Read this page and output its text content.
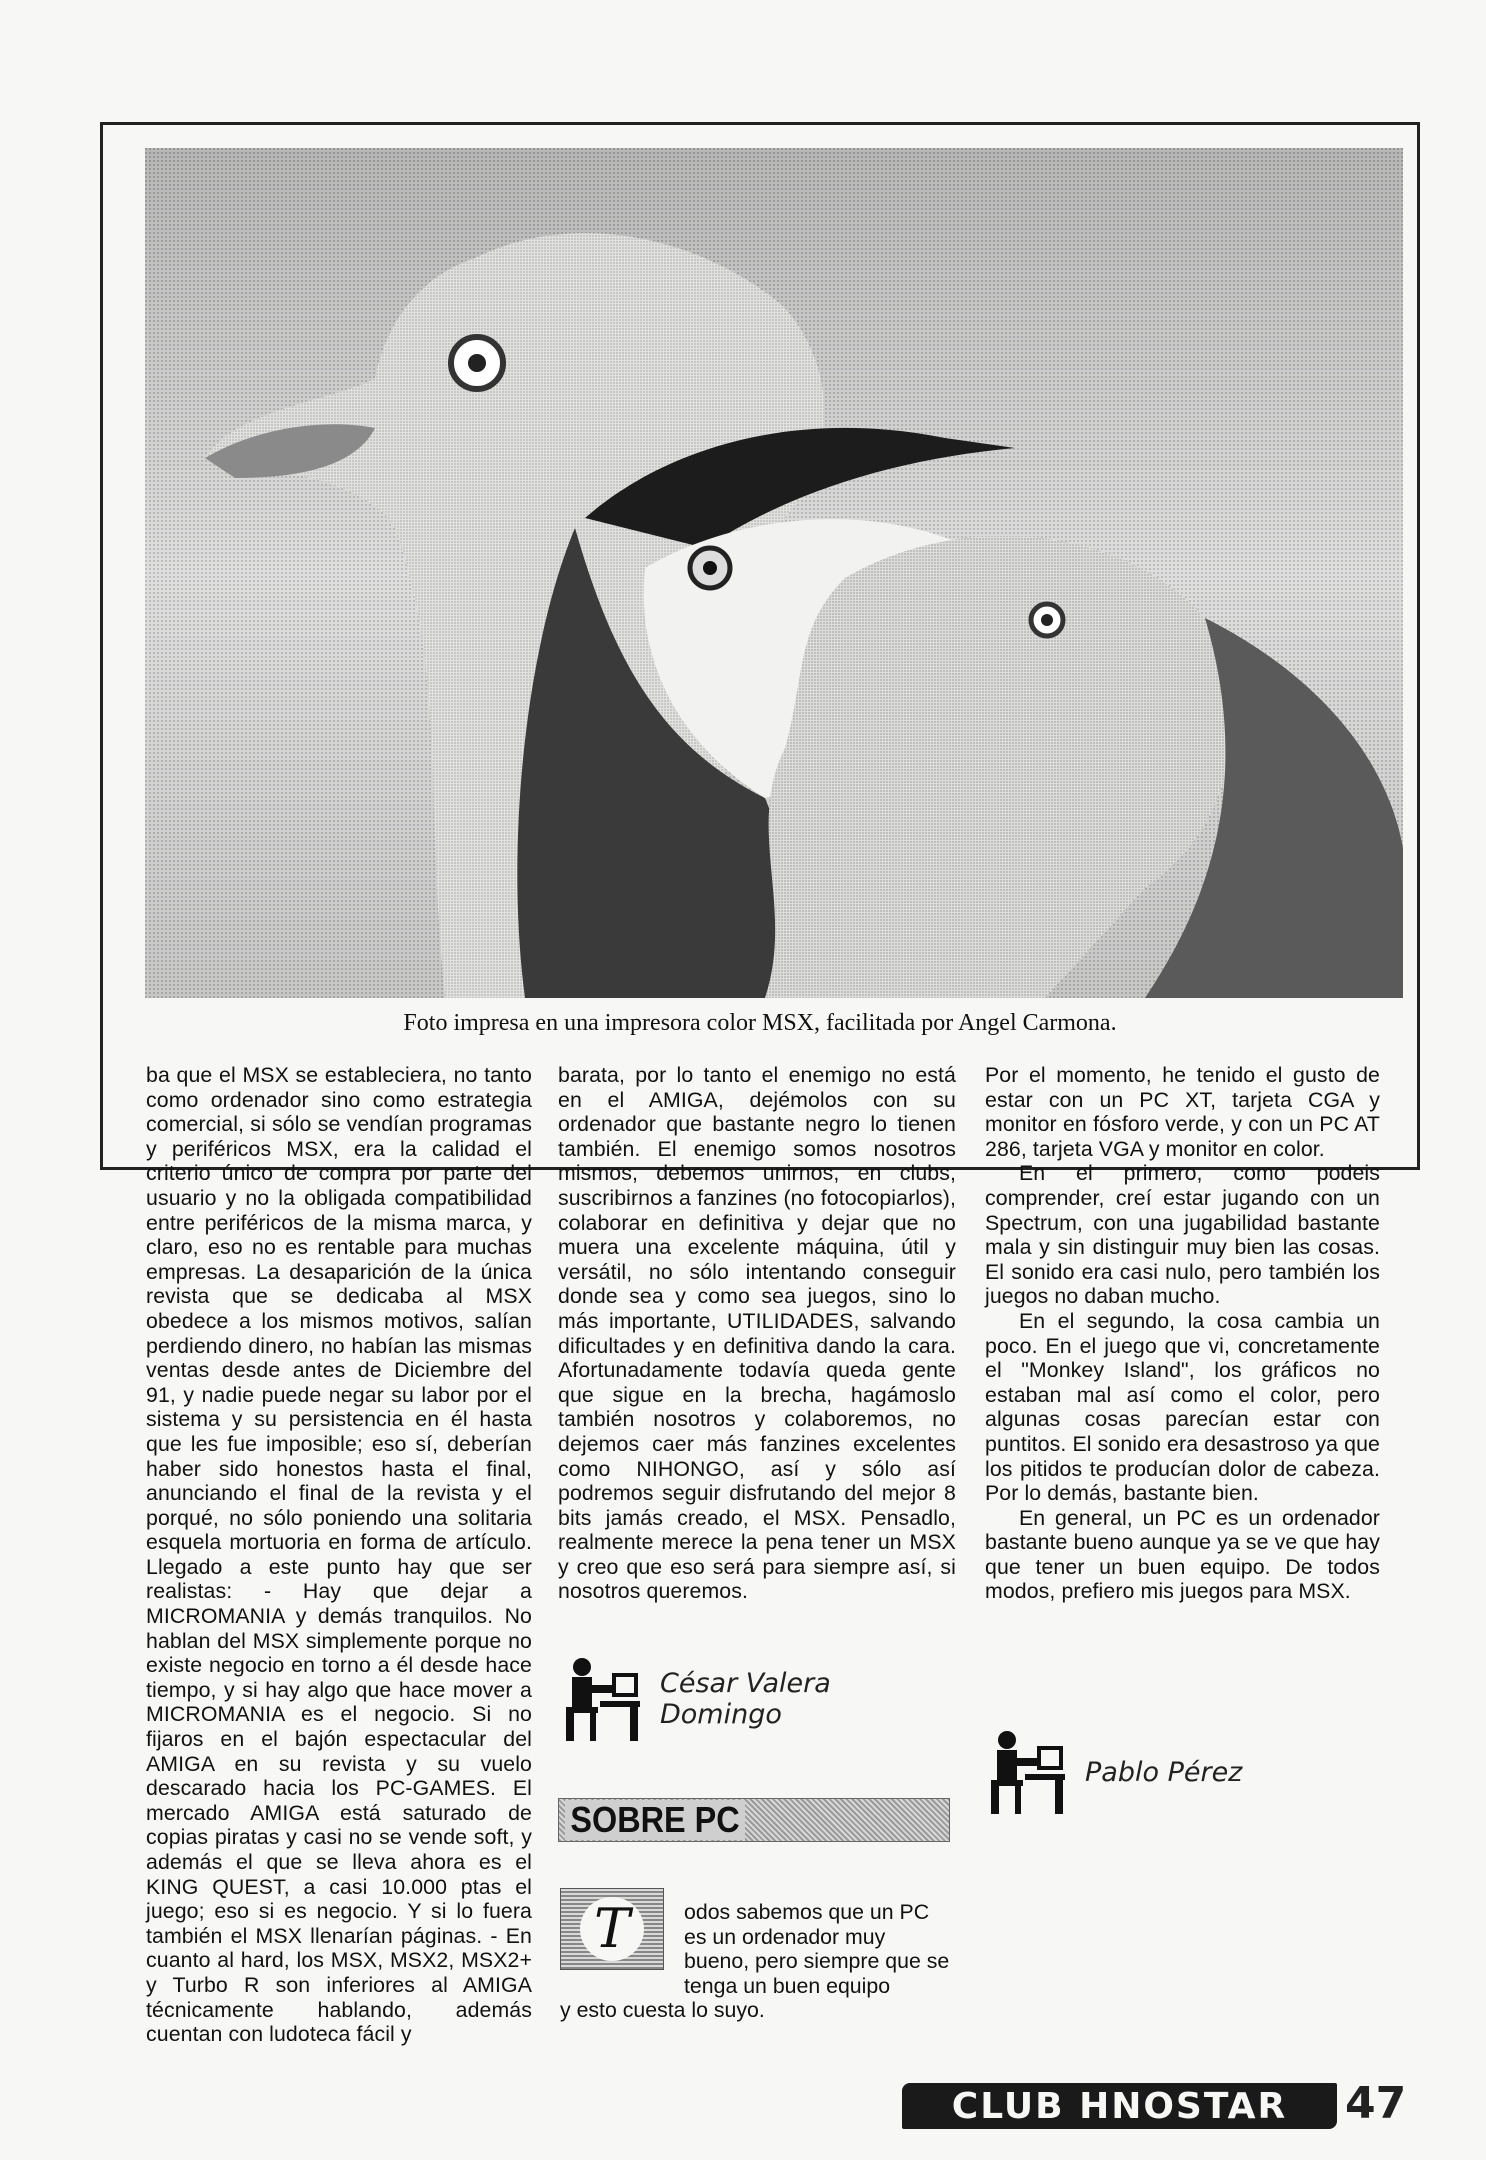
Foto impresa en una impresora color MSX, facilitada por Angel Carmona.

ba que el MSX se estableciera, no tanto como ordenador sino como estrategia comercial, si sólo se vendían programas y periféricos MSX, era la calidad el criterio único de compra por parte del usuario y no la obligada compatibilidad entre periféricos de la misma marca, y claro, eso no es rentable para muchas empresas. La desaparición de la única revista que se dedicaba al MSX obedece a los mismos motivos, salían perdiendo dinero, no habían las mismas ventas desde antes de Diciembre del 91, y nadie puede negar su labor por el sistema y su persistencia en él hasta que les fue imposible; eso sí, deberían haber sido honestos hasta el final, anunciando el final de la revista y el porqué, no sólo poniendo una solitaria esquela mortuoria en forma de artículo. Llegado a este punto hay que ser realistas: - Hay que dejar a MICROMANIA y demás tranquilos. No hablan del MSX simplemente porque no existe negocio en torno a él desde hace tiempo, y si hay algo que hace mover a MICROMANIA es el negocio. Si no fijaros en el bajón espectacular del AMIGA en su revista y su vuelo descarado hacia los PC-GAMES. El mercado AMIGA está saturado de copias piratas y casi no se vende soft, y además el que se lleva ahora es el KING QUEST, a casi 10.000 ptas el juego; eso si es negocio. Y si lo fuera también el MSX llenarían páginas. - En cuanto al hard, los MSX, MSX2, MSX2+ y Turbo R son inferiores al AMIGA técnicamente hablando, además cuentan con ludoteca fácil y

barata, por lo tanto el enemigo no está en el AMIGA, dejémolos con su ordenador que bastante negro lo tienen también. El enemigo somos nosotros mismos, debemos unirnos, en clubs, suscribirnos a fanzines (no fotocopiarlos), colaborar en definitiva y dejar que no muera una excelente máquina, útil y versátil, no sólo intentando conseguir donde sea y como sea juegos, sino lo más importante, UTILIDADES, salvando dificultades y en definitiva dando la cara. Afortunadamente todavía queda gente que sigue en la brecha, hagámoslo también nosotros y colaboremos, no dejemos caer más fanzines excelentes como NIHONGO, así y sólo así podremos seguir disfrutando del mejor 8 bits jamás creado, el MSX. Pensadlo, realmente merece la pena tener un MSX y creo que eso será para siempre así, si nosotros queremos.

César Valera
Domingo
SOBRE PC
T	odos sabemos que un PC es un ordenador muy bueno, pero siempre que se tenga un buen equipo
y esto cuesta lo suyo.

Por el momento, he tenido el gusto de estar con un PC XT, tarjeta CGA y monitor en fósforo verde, y con un PC AT 286, tarjeta VGA y monitor en color.

En el primero, como podeis comprender, creí estar jugando con un Spectrum, con una jugabilidad bastante mala y sin distinguir muy bien las cosas. El sonido era casi nulo, pero también los juegos no daban mucho.

En el segundo, la cosa cambia un poco. En el juego que vi, concretamente el "Monkey Island", los gráficos no estaban mal así como el color, pero algunas cosas parecían estar con puntitos. El sonido era desastroso ya que los pitidos te producían dolor de cabeza. Por lo demás, bastante bien.

En general, un PC es un ordenador bastante bueno aunque ya se ve que hay que tener un buen equipo. De todos modos, prefiero mis juegos para MSX.

Pablo Pérez
CLUB HNOSTAR	47
